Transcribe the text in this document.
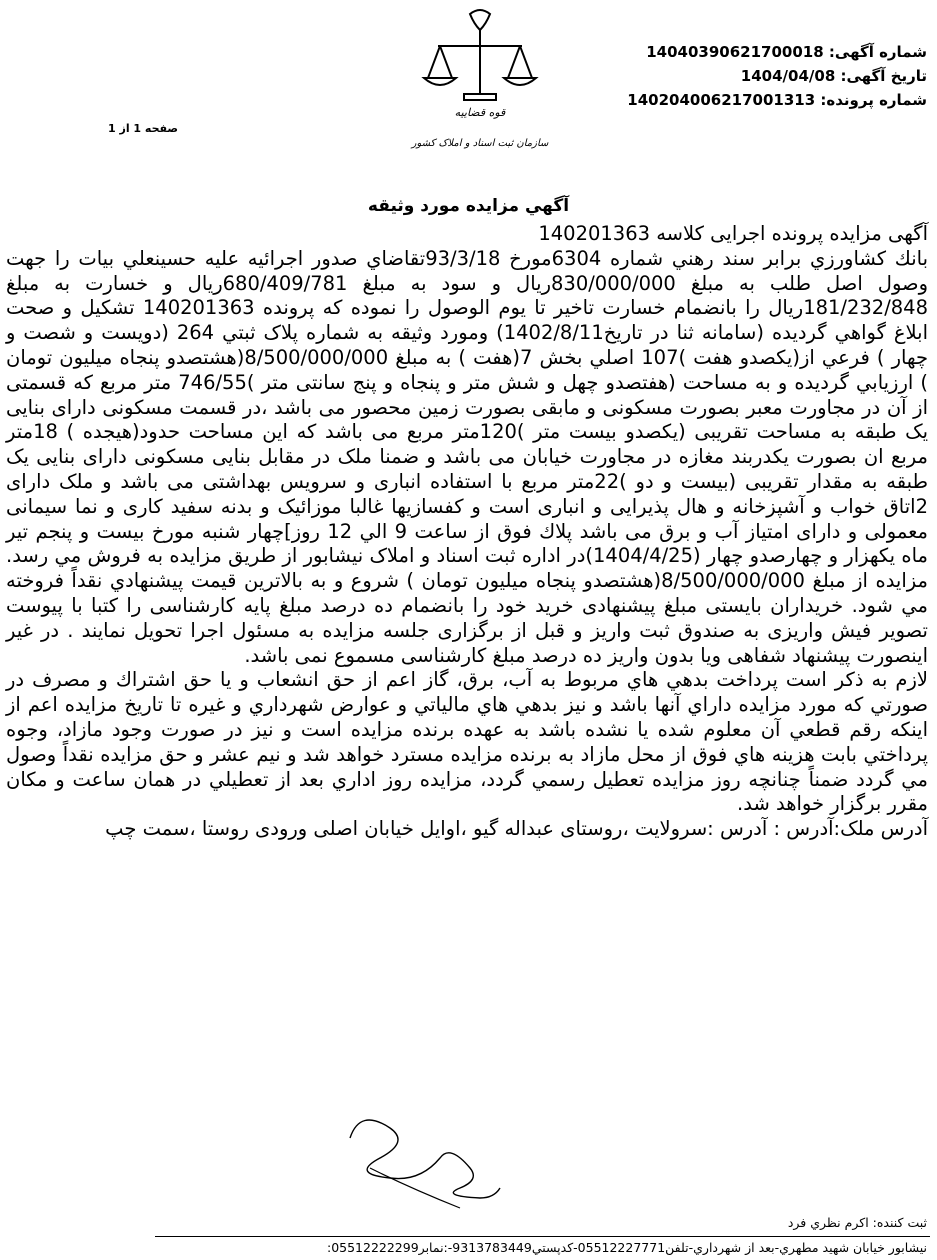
شماره آگهی: 14040390621700018
تاریخ آگهی: 1404/04/08
شماره پرونده: 140204006217001313
صفحه 1 از 1
قوه قضاییه
سازمان ثبت اسناد و املاک کشور
آگهي مزايده مورد وثيقه

آگهی مزایده پرونده اجرایی کلاسه 140201363

بانك كشاورزي برابر سند رهني شماره 6304مورخ 93/3/18تقاضاي صدور اجرائيه عليه حسينعلي بيات را جهت وصول اصل طلب به مبلغ 830/000/000ريال و سود به مبلغ 680/409/781ريال و خسارت به مبلغ 181/232/848ريال را بانضمام خسارت تاخير تا يوم الوصول را نموده كه پرونده 140201363 تشكيل و صحت ابلاغ گواهي گرديده (سامانه ثنا در تاريخ1402/8/11) ومورد وثيقه به شماره پلاک ثبتي 264 (دويست و شصت و چهار ) فرعي از(يكصدو هفت )107 اصلي بخش 7(هفت ) به مبلغ 8/500/000/000(هشتصدو پنجاه ميليون تومان ) ارزيابي گرديده و به مساحت (هفتصدو چهل و شش متر و پنجاه و پنج سانتی متر )746/55 متر مربع كه قسمتی از آن در مجاورت معبر بصورت مسکونی و مابقی بصورت زمین محصور می باشد ،در قسمت مسکونی دارای بنایی یک طبقه به مساحت تقریبی (یکصدو بیست متر )120متر مربع می باشد که این مساحت حدود(هیجده ) 18متر مربع ان بصورت یکدربند مغازه در مجاورت خیابان می باشد و ضمنا ملک در مقابل بنایی مسکونی دارای بنایی یک طبقه به مقدار تقریبی (بیست و دو )22متر مربع با استفاده انباری و سرویس بهداشتی می باشد و ملک دارای 2اتاق خواب و آشپزخانه و هال پذیرایی و انباری است و کفسازیها غالبا موزائیک و بدنه سفید کاری و نما سیمانی معمولی و دارای امتیاز آب و برق می باشد پلاك فوق از ساعت 9 الي 12 روز]چهار شنبه مورخ بیست و پنجم تیر ماه یکهزار و چهارصدو چهار (1404/4/25)در اداره ثبت اسناد و املاک نیشابور از طريق مزايده به فروش مي رسد. مزايده از مبلغ 8/500/000/000(هشتصدو پنجاه ميليون تومان ) شروع و به بالاترين قيمت پيشنهادي نقداً فروخته مي شود. خریداران بایستی مبلغ پیشنهادی خرید خود را بانضمام ده درصد مبلغ پایه کارشناسی را کتبا با پیوست تصویر فیش واریزی به صندوق ثبت واریز و قبل از برگزاری جلسه مزایده به مسئول اجرا تحویل نمایند . در غیر اینصورت پیشنهاد شفاهی ویا بدون واریز ده درصد مبلغ کارشناسی مسموع نمی باشد.

لازم به ذكر است پرداخت بدهي هاي مربوط به آب، برق، گاز اعم از حق انشعاب و يا حق اشتراك و مصرف در صورتي كه مورد مزايده داراي آنها باشد و نيز بدهي هاي مالياتي و عوارض شهرداري و غيره تا تاريخ مزايده اعم از اينكه رقم قطعي آن معلوم شده يا نشده باشد به عهده برنده مزايده است و نيز در صورت وجود مازاد، وجوه پرداختي بابت هزينه هاي فوق از محل مازاد به برنده مزايده مسترد خواهد شد و نيم عشر و حق مزايده نقداً وصول مي گردد ضمناً چنانچه روز مزايده تعطيل رسمي گردد، مزايده روز اداري بعد از تعطيلي در همان ساعت و مكان مقرر برگزار خواهد شد.

آدرس ملک:آدرس : آدرس :سرولایت ،روستای عبداله گیو ،اوایل خیابان اصلی ورودی روستا ،سمت چپ

ثبت كننده: اكرم نظري فرد
نيشابور خيابان شهيد مطهري-بعد از شهرداري-تلفن05512227771-كدپستي9313783449-:نمابر05512222299:
